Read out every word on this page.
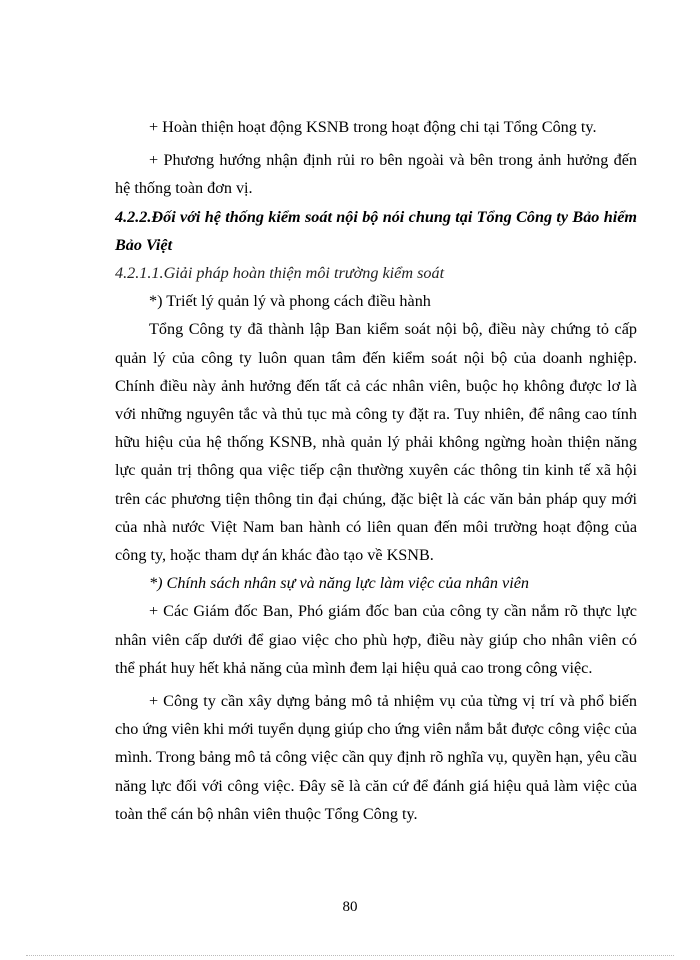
+ Hoàn thiện hoạt động KSNB trong hoạt động chi tại Tổng Công ty.

+ Phương hướng nhận định rủi ro bên ngoài và bên trong ảnh hưởng đến hệ thống toàn đơn vị.

4.2.2.Đối với hệ thống kiểm soát nội bộ nói chung tại Tổng Công ty Bảo hiểm Bảo Việt

4.2.1.1.Giải pháp hoàn thiện môi trường kiểm soát

*) Triết lý quản lý và phong cách điều hành

Tổng Công ty đã thành lập Ban kiểm soát nội bộ, điều này chứng tỏ cấp quản lý của công ty luôn quan tâm đến kiểm soát nội bộ của doanh nghiệp. Chính điều này ảnh hưởng đến tất cả các nhân viên, buộc họ không được lơ là với những nguyên tắc và thủ tục mà công ty đặt ra. Tuy nhiên, để nâng cao tính hữu hiệu của hệ thống KSNB, nhà quản lý phải không ngừng hoàn thiện năng lực quản trị thông qua việc tiếp cận thường xuyên các thông tin kinh tế xã hội trên các phương tiện thông tin đại chúng, đặc biệt là các văn bản pháp quy mới của nhà nước Việt Nam ban hành có liên quan đến môi trường hoạt động của công ty, hoặc tham dự án khác đào tạo về KSNB.

*) Chính sách nhân sự và năng lực làm việc của nhân viên

+ Các Giám đốc Ban, Phó giám đốc ban của công ty cần nắm rõ thực lực nhân viên cấp dưới để giao việc cho phù hợp, điều này giúp cho nhân viên có thể phát huy hết khả năng của mình đem lại hiệu quả cao trong công việc.

+ Công ty cần xây dựng bảng mô tả nhiệm vụ của từng vị trí và phổ biến cho ứng viên khi mới tuyển dụng giúp cho ứng viên nắm bắt được công việc của mình. Trong bảng mô tả công việc cần quy định rõ nghĩa vụ, quyền hạn, yêu cầu năng lực đối với công việc. Đây sẽ là căn cứ để đánh giá hiệu quả làm việc của toàn thể cán bộ nhân viên thuộc Tổng Công ty.

80
